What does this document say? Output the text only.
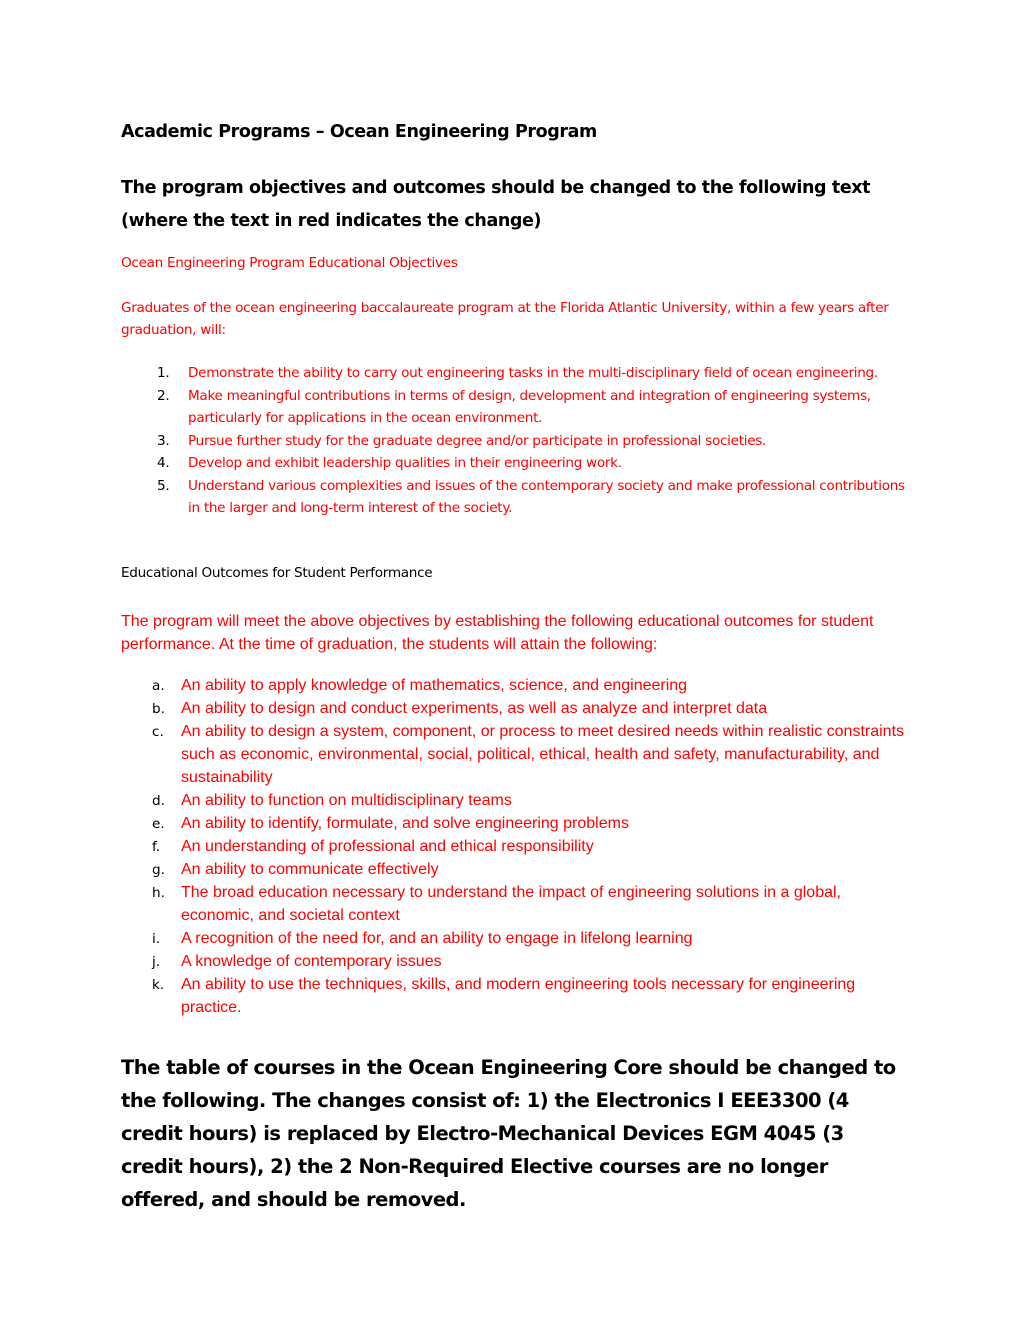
Academic Programs – Ocean Engineering Program
The program objectives and outcomes should be changed to the following text (where the text in red indicates the change)
Ocean Engineering Program Educational Objectives
Graduates of the ocean engineering baccalaureate program at the Florida Atlantic University, within a few years after graduation, will:
1. Demonstrate the ability to carry out engineering tasks in the multi-disciplinary field of ocean engineering.
2. Make meaningful contributions in terms of design, development and integration of engineering systems, particularly for applications in the ocean environment.
3. Pursue further study for the graduate degree and/or participate in professional societies.
4. Develop and exhibit leadership qualities in their engineering work.
5. Understand various complexities and issues of the contemporary society and make professional contributions in the larger and long-term interest of the society.
Educational Outcomes for Student Performance
The program will meet the above objectives by establishing the following educational outcomes for student performance. At the time of graduation, the students will attain the following:
a. An ability to apply knowledge of mathematics, science, and engineering
b. An ability to design and conduct experiments, as well as analyze and interpret data
c. An ability to design a system, component, or process to meet desired needs within realistic constraints such as economic, environmental, social, political, ethical, health and safety, manufacturability, and sustainability
d. An ability to function on multidisciplinary teams
e. An ability to identify, formulate, and solve engineering problems
f. An understanding of professional and ethical responsibility
g. An ability to communicate effectively
h. The broad education necessary to understand the impact of engineering solutions in a global, economic, and societal context
i. A recognition of the need for, and an ability to engage in lifelong learning
j. A knowledge of contemporary issues
k. An ability to use the techniques, skills, and modern engineering tools necessary for engineering practice.
The table of courses in the Ocean Engineering Core should be changed to the following. The changes consist of: 1) the Electronics I EEE3300 (4 credit hours) is replaced by Electro-Mechanical Devices EGM 4045 (3 credit hours), 2) the 2 Non-Required Elective courses are no longer offered, and should be removed.
